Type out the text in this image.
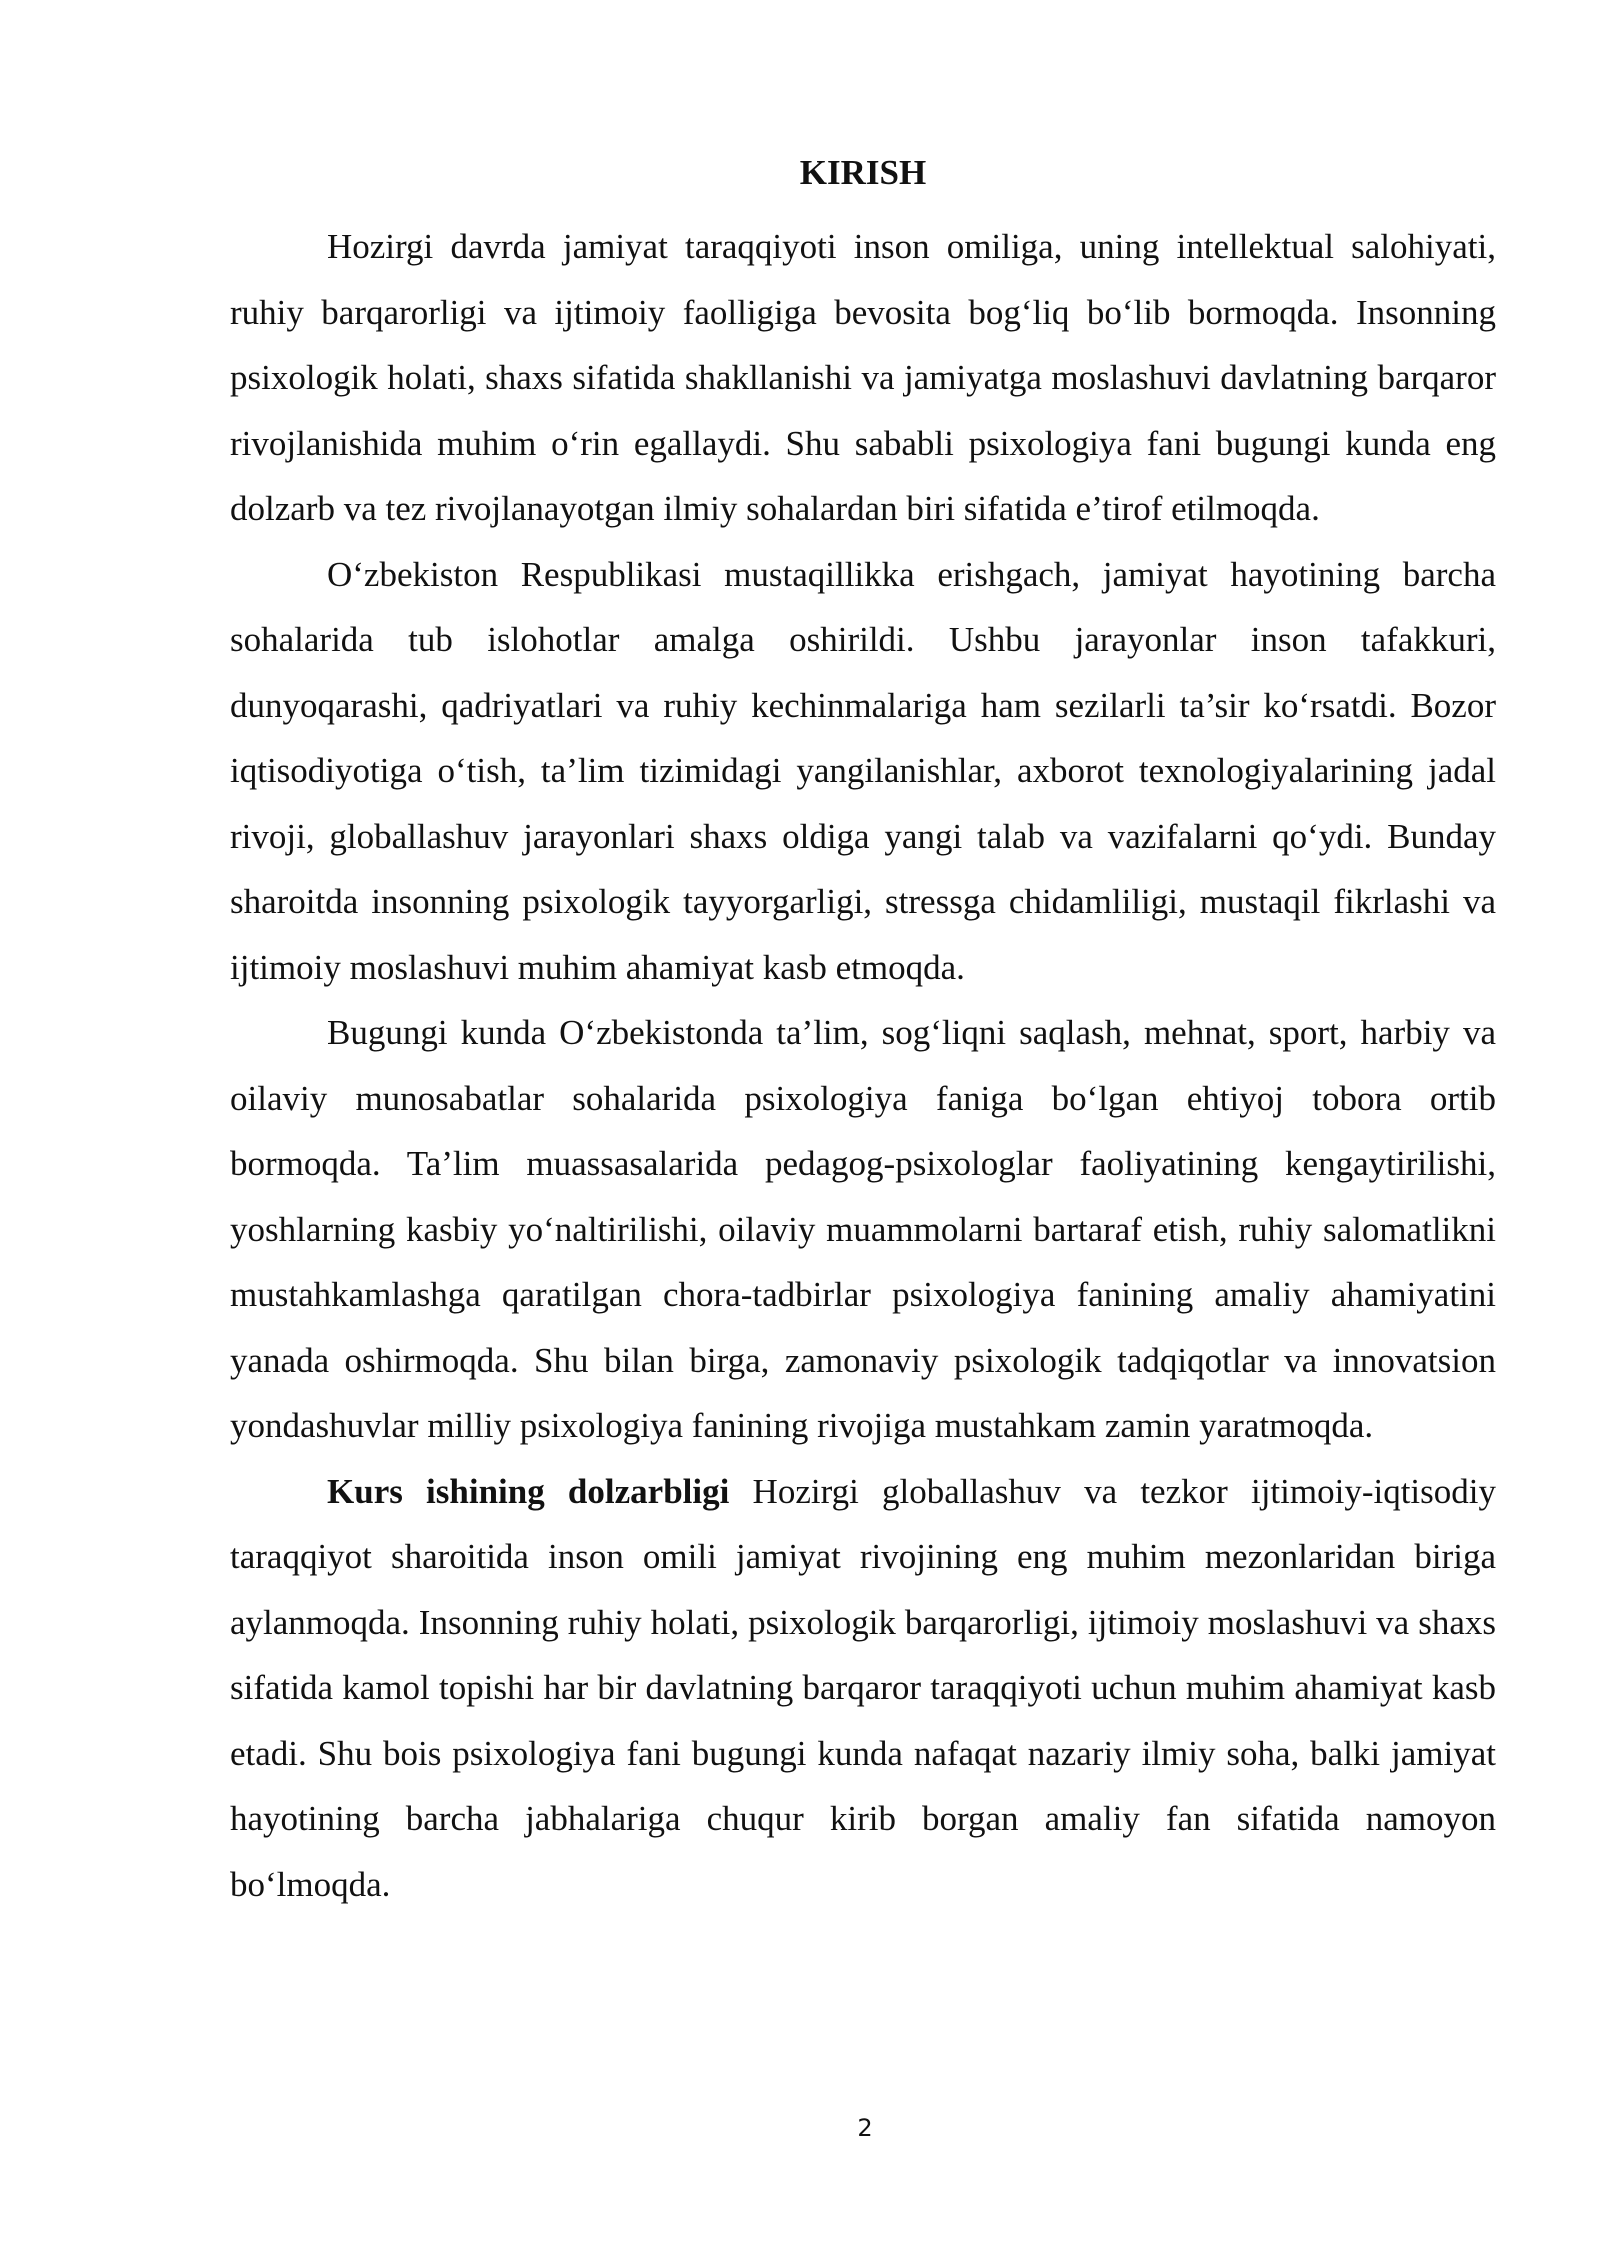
KIRISH

Hozirgi davrda jamiyat taraqqiyoti inson omiliga, uning intellektual salohiyati, ruhiy barqarorligi va ijtimoiy faolligiga bevosita bog‘liq bo‘lib bormoqda. Insonning psixologik holati, shaxs sifatida shakllanishi va jamiyatga moslashuvi davlatning barqaror rivojlanishida muhim o‘rin egallaydi. Shu sababli psixologiya fani bugungi kunda eng dolzarb va tez rivojlanayotgan ilmiy sohalardan biri sifatida e’tirof etilmoqda.

O‘zbekiston Respublikasi mustaqillikka erishgach, jamiyat hayotining barcha sohalarida tub islohotlar amalga oshirildi. Ushbu jarayonlar inson tafakkuri, dunyoqarashi, qadriyatlari va ruhiy kechinmalariga ham sezilarli ta’sir ko‘rsatdi. Bozor iqtisodiyotiga o‘tish, ta’lim tizimidagi yangilanishlar, axborot texnologiyalarining jadal rivoji, globallashuv jarayonlari shaxs oldiga yangi talab va vazifalarni qo‘ydi. Bunday sharoitda insonning psixologik tayyorgarligi, stressga chidamliligi, mustaqil fikrlashi va ijtimoiy moslashuvi muhim ahamiyat kasb etmoqda.

Bugungi kunda O‘zbekistonda ta’lim, sog‘liqni saqlash, mehnat, sport, harbiy va oilaviy munosabatlar sohalarida psixologiya faniga bo‘lgan ehtiyoj tobora ortib bormoqda. Ta’lim muassasalarida pedagog-psixologlar faoliyatining kengaytirilishi, yoshlarning kasbiy yo‘naltirilishi, oilaviy muammolarni bartaraf etish, ruhiy salomatlikni mustahkamlashga qaratilgan chora-tadbirlar psixologiya fanining amaliy ahamiyatini yanada oshirmoqda. Shu bilan birga, zamonaviy psixologik tadqiqotlar va innovatsion yondashuvlar milliy psixologiya fanining rivojiga mustahkam zamin yaratmoqda.

Kurs ishining dolzarbligi Hozirgi globallashuv va tezkor ijtimoiy-iqtisodiy taraqqiyot sharoitida inson omili jamiyat rivojining eng muhim mezonlaridan biriga aylanmoqda. Insonning ruhiy holati, psixologik barqarorligi, ijtimoiy moslashuvi va shaxs sifatida kamol topishi har bir davlatning barqaror taraqqiyoti uchun muhim ahamiyat kasb etadi. Shu bois psixologiya fani bugungi kunda nafaqat nazariy ilmiy soha, balki jamiyat hayotining barcha jabhalariga chuqur kirib borgan amaliy fan sifatida namoyon bo‘lmoqda.

2
